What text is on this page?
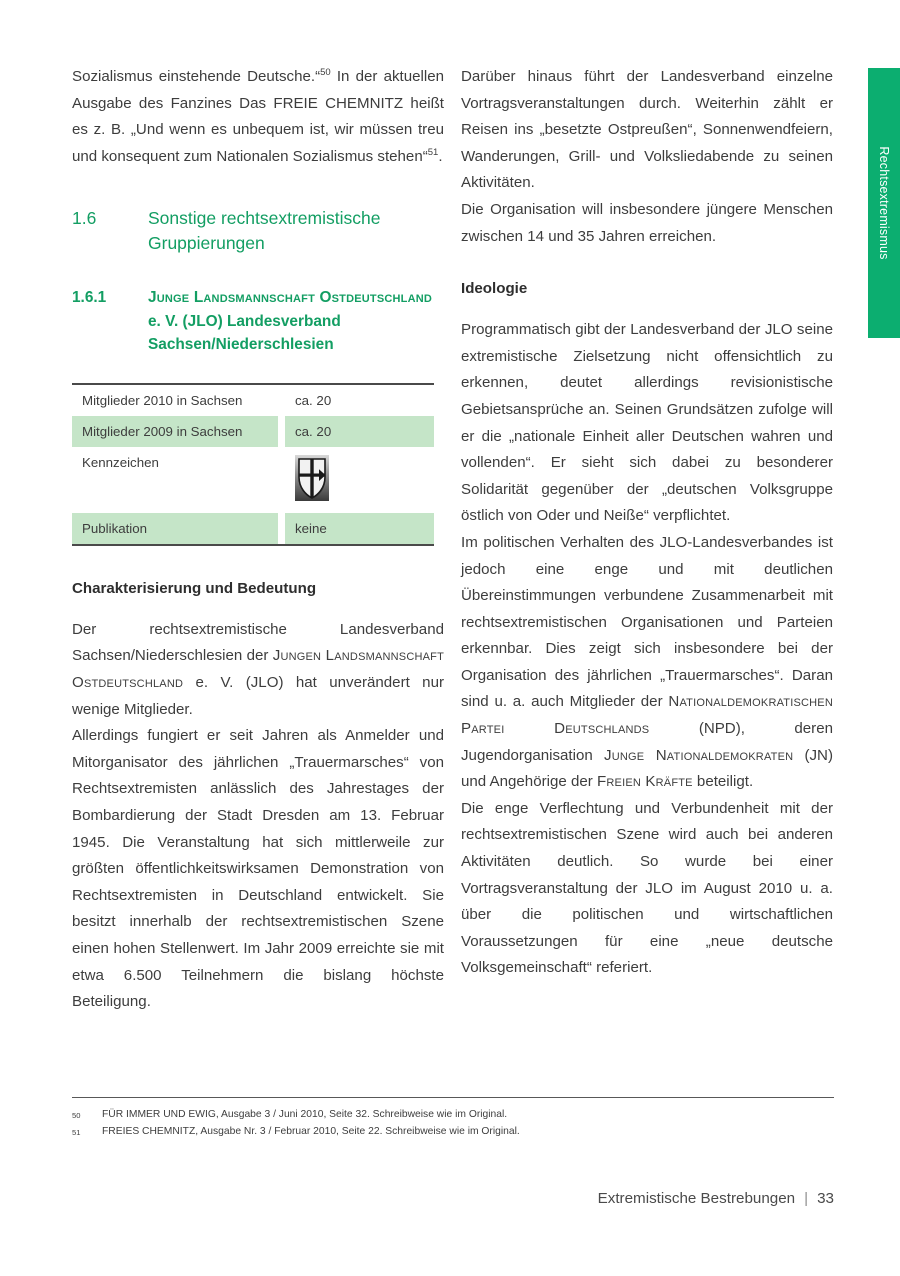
Rechtsextremismus

Sozialismus einstehende Deutsche.“$^{50}$ In der aktuellen Ausgabe des Fanzines Das FREIE CHEMNITZ heißt es z. B. „Und wenn es unbequem ist, wir müssen treu und konsequent zum Nationalen Sozialismus stehen“$^{51}$.

1.6	Sonstige rechtsextremistische Gruppierungen
1.6.1	Junge Landsmannschaft Ostdeutschland e. V. (JLO) Landesverband Sachsen/Niederschlesien
Mitglieder 2010 in Sachsen	ca. 20
Mitglieder 2009 in Sachsen	ca. 20
Kennzeichen
Publikation	keine
Charakterisierung und Bedeutung

Der rechtsextremistische Landesverband Sachsen/Niederschlesien der Jungen Landsmannschaft Ostdeutschland e. V. (JLO) hat unverändert nur wenige Mitglieder.

Allerdings fungiert er seit Jahren als Anmelder und Mitorganisator des jährlichen „Trauermarsches“ von Rechtsextremisten anlässlich des Jahrestages der Bombardierung der Stadt Dresden am 13. Februar 1945. Die Veranstaltung hat sich mittlerweile zur größten öffentlichkeitswirksamen Demonstration von Rechtsextremisten in Deutschland entwickelt. Sie besitzt innerhalb der rechtsextremistischen Szene einen hohen Stellenwert. Im Jahr 2009 erreichte sie mit etwa 6.500 Teilnehmern die bislang höchste Beteiligung.

Darüber hinaus führt der Landesverband einzelne Vortragsveranstaltungen durch. Weiterhin zählt er Reisen ins „besetzte Ostpreußen“, Sonnenwendfeiern, Wanderungen, Grill- und Volksliedabende zu seinen Aktivitäten.

Die Organisation will insbesondere jüngere Menschen zwischen 14 und 35 Jahren erreichen.

Ideologie

Programmatisch gibt der Landesverband der JLO seine extremistische Zielsetzung nicht offensichtlich zu erkennen, deutet allerdings revisionistische Gebietsansprüche an. Seinen Grundsätzen zufolge will er die „nationale Einheit aller Deutschen wahren und vollenden“. Er sieht sich dabei zu besonderer Solidarität gegenüber der „deutschen Volksgruppe östlich von Oder und Neiße“ verpflichtet.

Im politischen Verhalten des JLO-Landesverbandes ist jedoch eine enge und mit deutlichen Übereinstimmungen verbundene Zusammenarbeit mit rechtsextremistischen Organisationen und Parteien erkennbar. Dies zeigt sich insbesondere bei der Organisation des jährlichen „Trauermarsches“. Daran sind u. a. auch Mitglieder der Nationaldemokratischen Partei Deutschlands (NPD), deren Jugendorganisation Junge Nationaldemokraten (JN) und Angehörige der Freien Kräfte beteiligt.

Die enge Verflechtung und Verbundenheit mit der rechtsextremistischen Szene wird auch bei anderen Aktivitäten deutlich. So wurde bei einer Vortragsveranstaltung der JLO im August 2010 u. a. über die politischen und wirtschaftlichen Voraussetzungen für eine „neue deutsche Volksgemeinschaft“ referiert.

50	FÜR IMMER UND EWIG, Ausgabe 3 / Juni 2010, Seite 32. Schreibweise wie im Original.
51	FREIES CHEMNITZ, Ausgabe Nr. 3 / Februar 2010, Seite 22. Schreibweise wie im Original.
Extremistische Bestrebungen | 33
